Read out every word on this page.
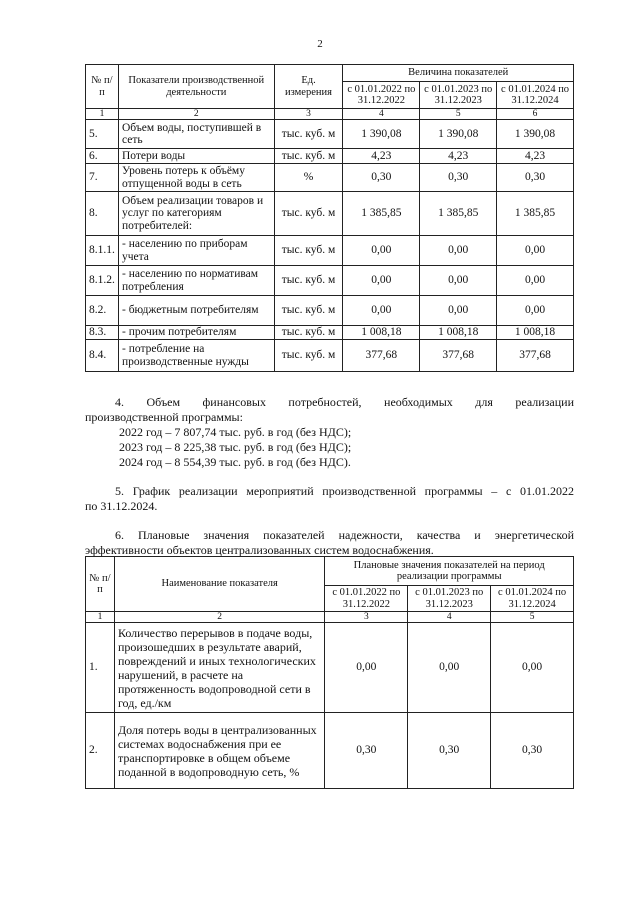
2
№ п/п	Показатели производственной деятельности	Ед. измерения	Величина показателей		
			с 01.01.2022 по 31.12.2022	с 01.01.2023 по 31.12.2023	с 01.01.2024 по 31.12.2024
1	2	3	4	5	6
5.	Объем воды, поступившей в сеть	тыс. куб. м	1 390,08	1 390,08	1 390,08
6.	Потери воды	тыс. куб. м	4,23	4,23	4,23
7.	Уровень потерь к объёму отпущенной воды в сеть	%	0,30	0,30	0,30
8.	Объем реализации товаров и услуг по категориям потребителей:	тыс. куб. м	1 385,85	1 385,85	1 385,85
8.1.1.	- населению по приборам учета	тыс. куб. м	0,00	0,00	0,00
8.1.2.	- населению по нормативам потребления	тыс. куб. м	0,00	0,00	0,00
8.2.	- бюджетным потребителям	тыс. куб. м	0,00	0,00	0,00
8.3.	- прочим потребителям	тыс. куб. м	1 008,18	1 008,18	1 008,18
8.4.	- потребление на производственные нужды	тыс. куб. м	377,68	377,68	377,68
4. Объем финансовых потребностей, необходимых для реализации
производственной программы:
2022 год – 7 807,74 тыс. руб. в год (без НДС);
2023 год – 8 225,38 тыс. руб. в год (без НДС);
2024 год – 8 554,39 тыс. руб. в год (без НДС).
5. График реализации мероприятий производственной программы – с 01.01.2022
по 31.12.2024.
6. Плановые значения показателей надежности, качества и энергетической
эффективности объектов централизованных систем водоснабжения.
№ п/п	Наименование показателя	Плановые значения показателей на период реализации программы		
		с 01.01.2022 по 31.12.2022	с 01.01.2023 по 31.12.2023	с 01.01.2024 по 31.12.2024
1	2	3	4	5
1.	Количество перерывов в подаче воды, произошедших в результате аварий, повреждений и иных технологических нарушений, в расчете на протяженность водопроводной сети в год, ед./км	0,00	0,00	0,00
2.	Доля потерь воды в централизованных системах водоснабжения при ее транспортировке в общем объеме поданной в водопроводную сеть, %	0,30	0,30	0,30
